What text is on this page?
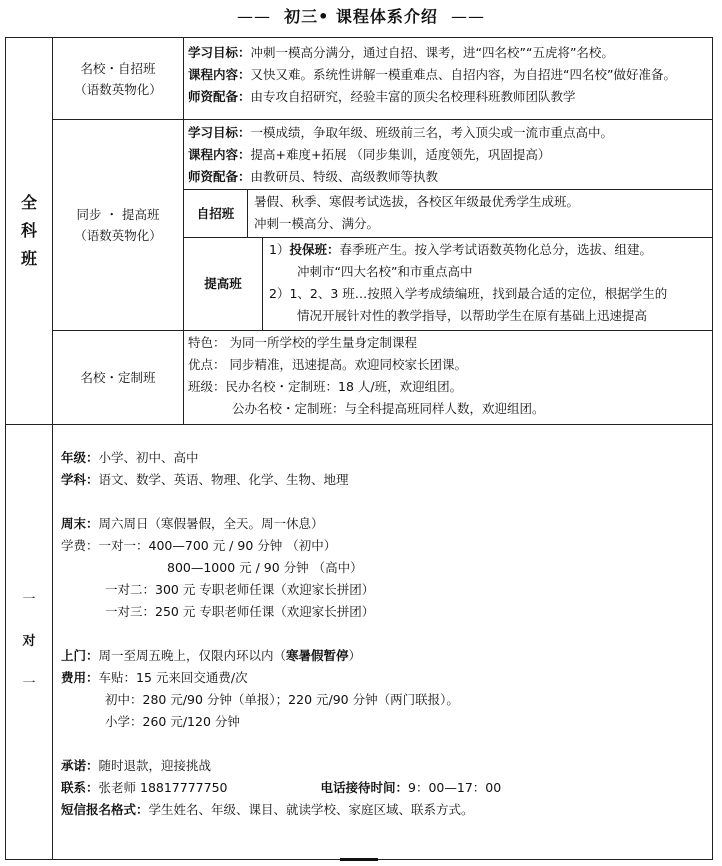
—— 初三• 课程体系介绍 ——
全
科
班
名校・自招班
（语数英物化）
学习目标：冲刺一模高分满分，通过自招、课考，进“四名校”“五虎将”名校。
课程内容：又快又难。系统性讲解一模重难点、自招内容，为自招进“四名校”做好准备。
师资配备：由专攻自招研究，经验丰富的顶尖名校理科班教师团队教学
同步 ・ 提高班
（语数英物化）
学习目标：一模成绩，争取年级、班级前三名，考入顶尖或一流市重点高中。
课程内容：提高+难度+拓展 （同步集训，适度领先，巩固提高）
师资配备：由教研员、特级、高级教师等执教
自招班
暑假、秋季、寒假考试选拔，各校区年级最优秀学生成班。
冲刺一模高分、满分。
提高班
1）投保班：春季班产生。按入学考试语数英物化总分，选拔、组建。
冲刺市“四大名校”和市重点高中
2）1、2、3 班…按照入学考成绩编班，找到最合适的定位，根据学生的
情况开展针对性的教学指导，以帮助学生在原有基础上迅速提高
名校・定制班
特色： 为同一所学校的学生量身定制课程
优点： 同步精准，迅速提高。欢迎同校家长团课。
班级：民办名校・定制班：18 人/班，欢迎组团。
公办名校・定制班：与全科提高班同样人数，欢迎组团。
一
对
一
年级：小学、初中、高中
学科：语文、数学、英语、物理、化学、生物、地理

周末：周六周日（寒假暑假，全天。周一休息）
学费：一对一：400—700 元 / 90 分钟 （初中）
800—1000 元 / 90 分钟 （高中）
一对二：300 元 专职老师任课（欢迎家长拼团）
一对三：250 元 专职老师任课（欢迎家长拼团）

上门：周一至周五晚上，仅限内环以内（寒暑假暂停）
费用：车贴：15 元来回交通费/次
初中：280 元/90 分钟（单报）；220 元/90 分钟（两门联报）。
小学：260 元/120 分钟

承诺：随时退款，迎接挑战
联系：张老师 18817777750	电话接待时间：9：00—17：00
短信报名格式：学生姓名、年级、课目、就读学校、家庭区域、联系方式。
